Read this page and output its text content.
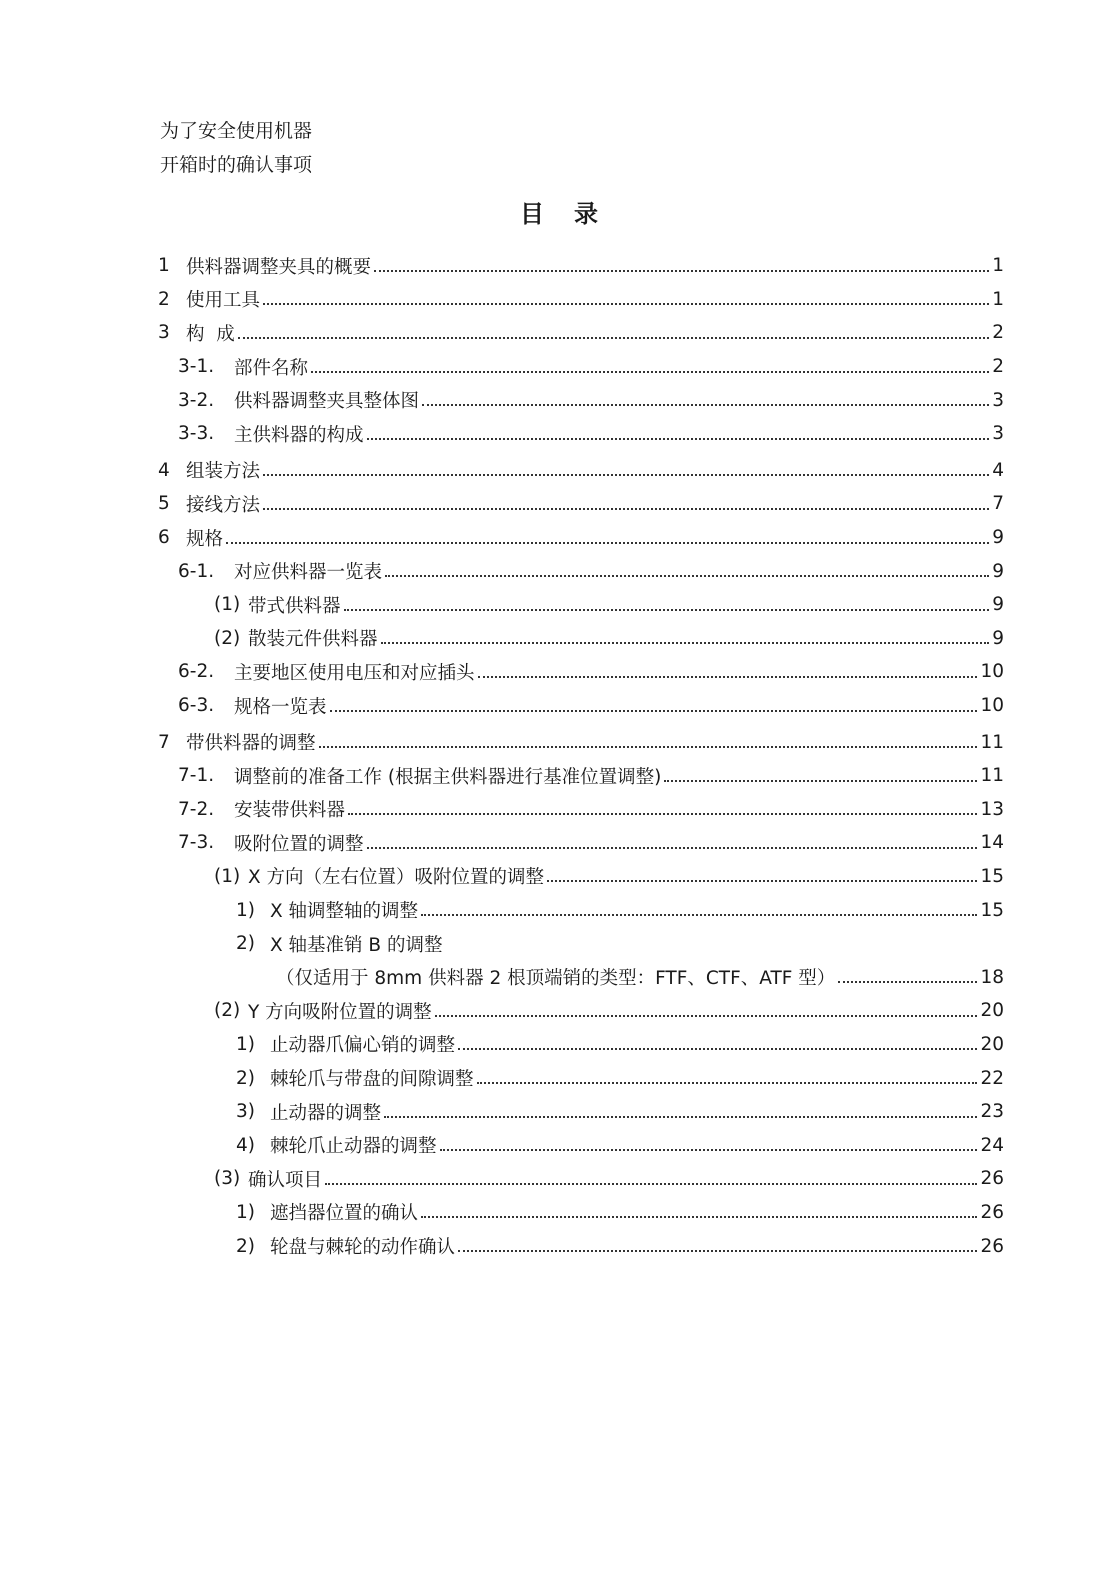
为了安全使用机器
开箱时的确认事项
目 录
1 供料器调整夹具的概要	1
2 使用工具	1
3 构  成	2
3-1.	部件名称	2
3-2.	供料器调整夹具整体图	3
3-3.	主供料器的构成	3
4 组装方法	4
5 接线方法	7
6 规格	9
6-1.	对应供料器一览表	9
(1) 带式供料器	9
(2) 散装元件供料器	9
6-2.	主要地区使用电压和对应插头	10
6-3.	规格一览表	10
7 带供料器的调整	11
7-1.	调整前的准备工作 (根据主供料器进行基准位置调整)	11
7-2.	安装带供料器	13
7-3.	吸附位置的调整	14
(1) X 方向（左右位置）吸附位置的调整	15
1) X 轴调整轴的调整	15
2) X 轴基准销 B 的调整
（仅适用于 8mm 供料器 2 根顶端销的类型：FTF、CTF、ATF 型）	18
(2) Y 方向吸附位置的调整	20
1) 止动器爪偏心销的调整	20
2) 棘轮爪与带盘的间隙调整	22
3) 止动器的调整	23
4) 棘轮爪止动器的调整	24
(3) 确认项目	26
1) 遮挡器位置的确认	26
2) 轮盘与棘轮的动作确认	26
